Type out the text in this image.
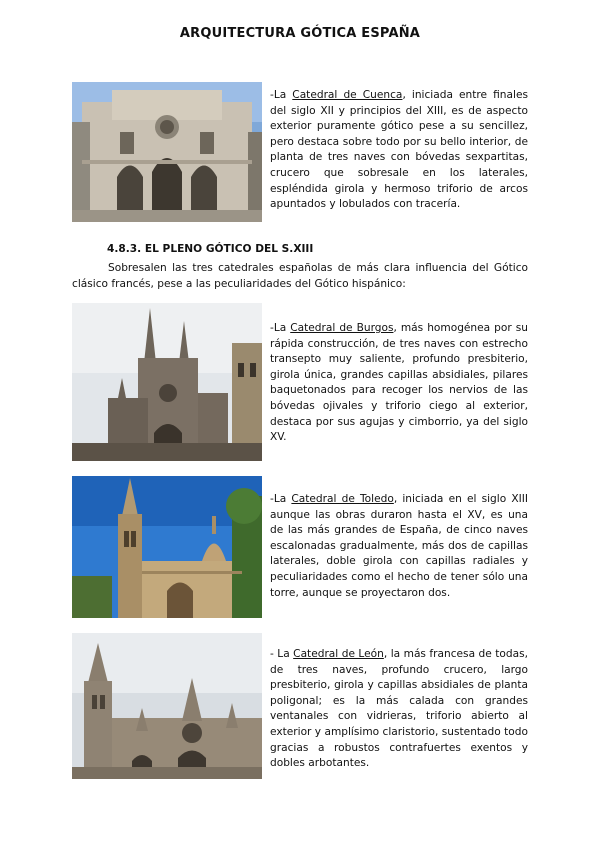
ARQUITECTURA GÓTICA ESPAÑA
-La Catedral de Cuenca, iniciada entre finales del siglo XII y principios del XIII, es de aspecto exterior puramente gótico pese a su sencillez, pero destaca sobre todo por su bello interior, de planta de tres naves con bóvedas sexpartitas, crucero que sobresale en los laterales, espléndida girola y hermoso triforio de arcos apuntados y lobulados con tracería.
4.8.3. EL PLENO GÓTICO DEL S.XIII
Sobresalen las tres catedrales españolas de más clara influencia del Gótico clásico francés, pese a las peculiaridades del Gótico hispánico:
-La Catedral de Burgos, más homogénea por su rápida construcción, de tres naves con estrecho transepto muy saliente, profundo presbiterio, girola única, grandes capillas absidiales, pilares baquetonados para recoger los nervios de las bóvedas ojivales y triforio ciego al exterior, destaca por sus agujas y cimborrio, ya del siglo XV.
-La Catedral de Toledo, iniciada en el siglo XIII aunque las obras duraron hasta el XV, es una de las más grandes de España, de cinco naves escalonadas gradualmente, más dos de capillas laterales, doble girola con capillas radiales y peculiaridades como el hecho de tener sólo una torre, aunque se proyectaron dos.
- La Catedral de León, la más francesa de todas, de tres naves, profundo crucero, largo presbiterio, girola y capillas absidiales de planta poligonal; es la más calada con grandes ventanales con vidrieras, triforio abierto al exterior y amplísimo claristorio, sustentado todo gracias a robustos contrafuertes exentos y dobles arbotantes.
